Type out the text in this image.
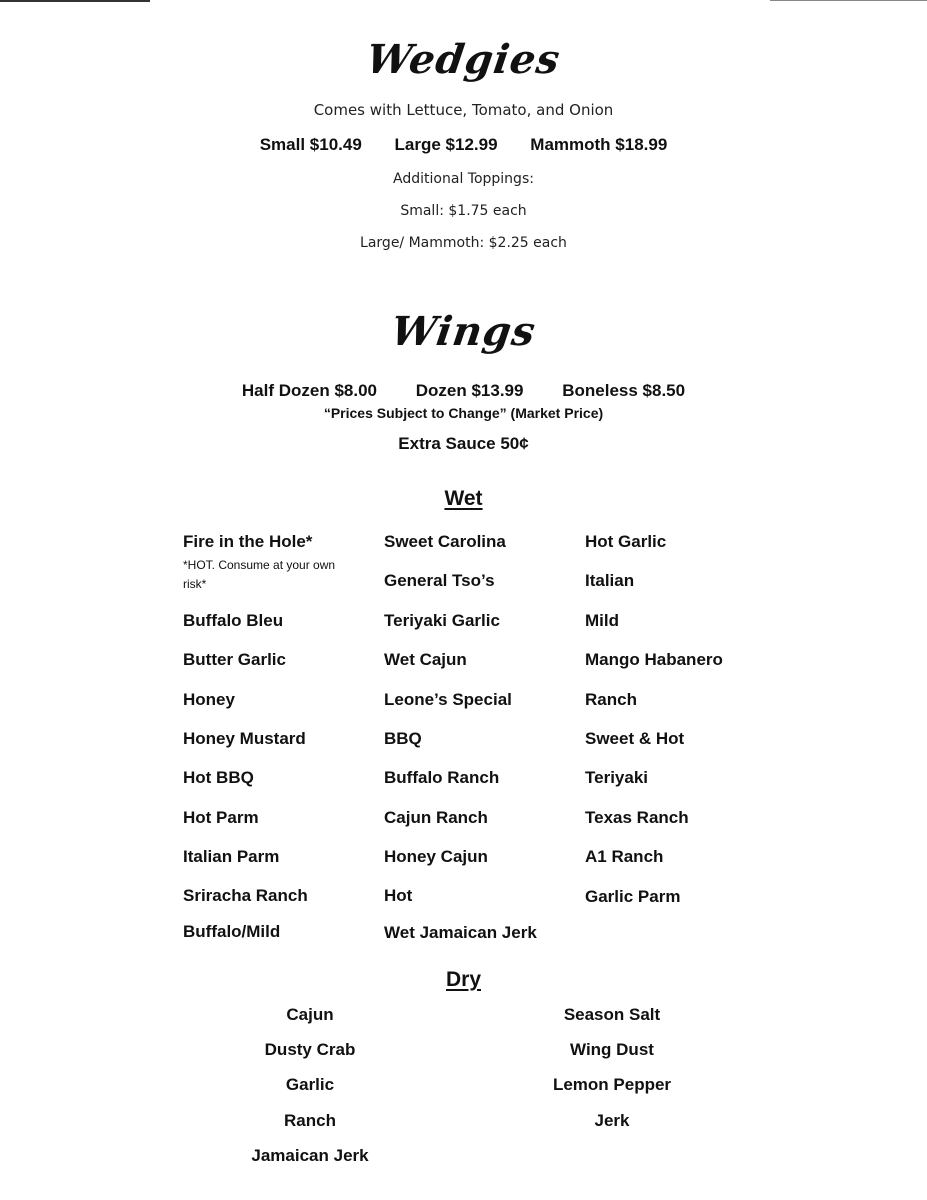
Wedgies
Comes with Lettuce, Tomato, and Onion
Small $10.49 Large $12.99 Mammoth $18.99
Additional Toppings:
Small: $1.75 each
Large/ Mammoth: $2.25 each
Wings
Half Dozen $8.00 Dozen $13.99 Boneless $8.50
“Prices Subject to Change” (Market Price)
Extra Sauce 50¢
Wet
Fire in the Hole*
*HOT. Consume at your own risk*
Buffalo Bleu
Butter Garlic
Honey
Honey Mustard
Hot BBQ
Hot Parm
Italian Parm
Sriracha Ranch
Buffalo/Mild
Sweet Carolina
General Tso’s
Teriyaki Garlic
Wet Cajun
Leone’s Special
BBQ
Buffalo Ranch
Cajun Ranch
Honey Cajun
Hot
Wet Jamaican Jerk
Hot Garlic
Italian
Mild
Mango Habanero
Ranch
Sweet & Hot
Teriyaki
Texas Ranch
A1 Ranch
Garlic Parm
Dry
Cajun
Dusty Crab
Garlic
Ranch
Jamaican Jerk
Season Salt
Wing Dust
Lemon Pepper
Jerk
